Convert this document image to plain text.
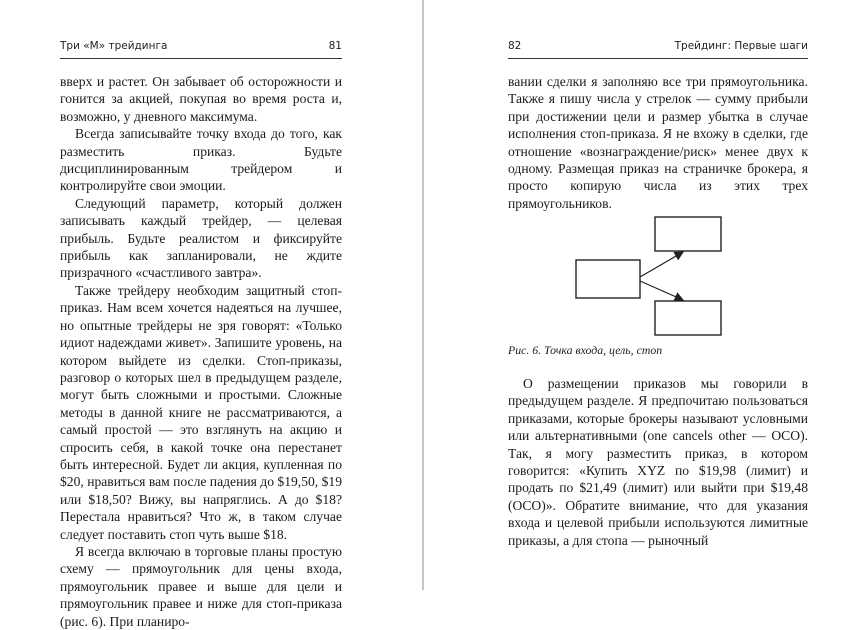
Три «М» трейдинга	81

вверх и растет. Он забывает об осторожности и гонится за акцией, покупая во время роста и, возможно, у дневного максимума.

Всегда записывайте точку входа до того, как разместить приказ. Будьте дисциплинированным трейдером и контролируйте свои эмоции.

Следующий параметр, который должен записывать каждый трейдер, — целевая прибыль. Будьте реалистом и фиксируйте прибыль как запланировали, не ждите призрачного «счастливого завтра».

Также трейдеру необходим защитный стоп-приказ. Нам всем хочется надеяться на лучшее, но опытные трейдеры не зря говорят: «Только идиот надеждами живет». Запишите уровень, на котором выйдете из сделки. Стоп-приказы, разговор о которых шел в предыдущем разделе, могут быть сложными и простыми. Сложные методы в данной книге не рассматриваются, а самый простой — это взглянуть на акцию и спросить себя, в какой точке она перестанет быть интересной. Будет ли акция, купленная по $20, нравиться вам после падения до $19,50, $19 или $18,50? Вижу, вы напряглись. А до $18? Перестала нравиться? Что ж, в таком случае следует поставить стоп чуть выше $18.

Я всегда включаю в торговые планы простую схему — прямоугольник для цены входа, прямоугольник правее и выше для цели и прямоугольник правее и ниже для стоп-приказа (рис. 6). При планиро-

82	Трейдинг: Первые шаги

вании сделки я заполняю все три прямоугольника. Также я пишу числа у стрелок — сумму прибыли при достижении цели и размер убытка в случае исполнения стоп-приказа. Я не вхожу в сделки, где отношение «вознаграждение/риск» менее двух к одному. Размещая приказ на страничке брокера, я просто копирую числа из этих трех прямоугольников.

Рис. 6. Точка входа, цель, стоп

О размещении приказов мы говорили в предыдущем разделе. Я предпочитаю пользоваться приказами, которые брокеры называют условными или альтернативными (one cancels other — OCO). Так, я могу разместить приказ, в котором говорится: «Купить XYZ по $19,98 (лимит) и продать по $21,49 (лимит) или выйти при $19,48 (OCO)». Обратите внимание, что для указания входа и целевой прибыли используются лимитные приказы, а для стопа — рыночный
